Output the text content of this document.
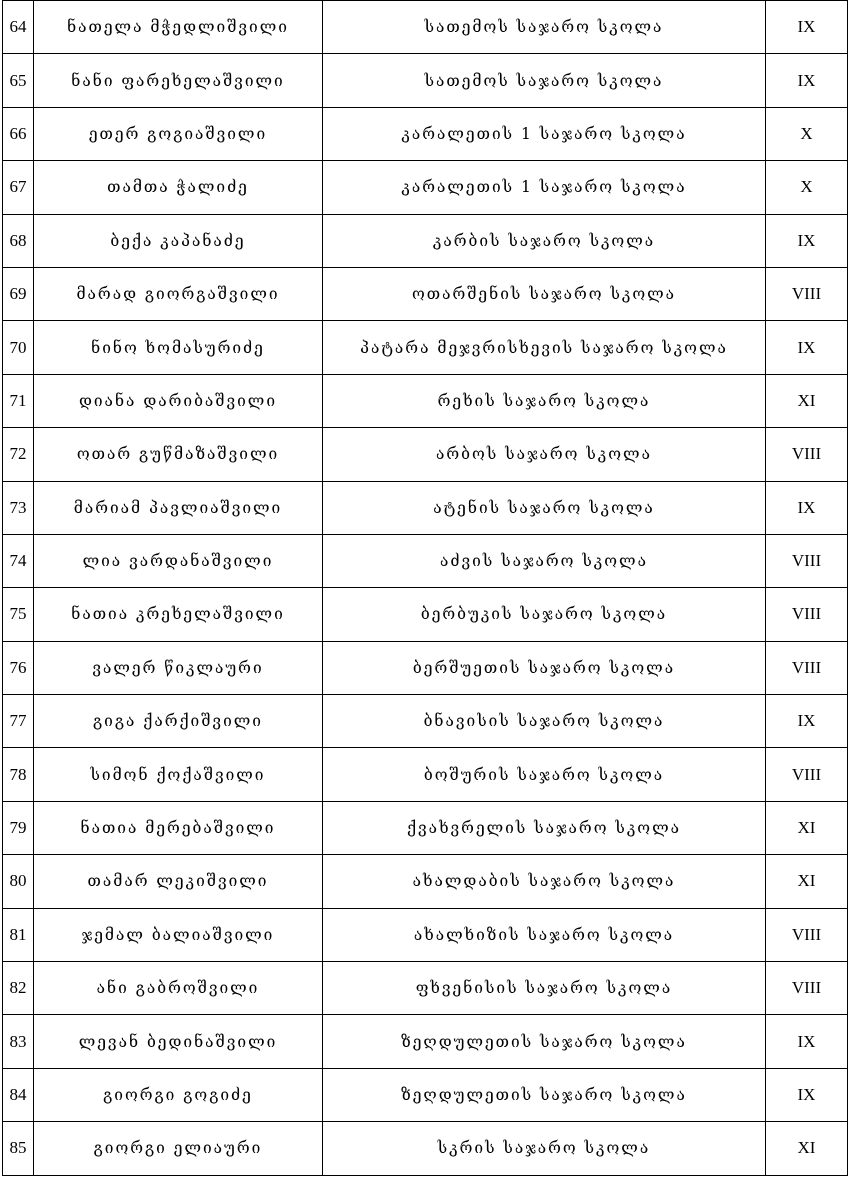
64	ნათელა მჭედლიშვილი	სათემოს საჯარო სკოლა	IX
65	ნანი ფარეხელაშვილი	სათემოს საჯარო სკოლა	IX
66	ეთერ გოგიაშვილი	კარალეთის 1 საჯარო სკოლა	X
67	თამთა ჭალიძე	კარალეთის 1 საჯარო სკოლა	X
68	ბექა კაპანაძე	კარბის საჯარო სკოლა	IX
69	მარად გიორგაშვილი	ოთარშენის საჯარო სკოლა	VIII
70	ნინო ხომასურიძე	პატარა მეჯვრისხევის საჯარო სკოლა	IX
71	დიანა დარიბაშვილი	რეხის საჯარო სკოლა	XI
72	ოთარ გუწმაზაშვილი	არბოს საჯარო სკოლა	VIII
73	მარიამ პავლიაშვილი	ატენის საჯარო სკოლა	IX
74	ლია ვარდანაშვილი	აძვის საჯარო სკოლა	VIII
75	ნათია კრეხელაშვილი	ბერბუკის საჯარო სკოლა	VIII
76	ვალერ წიკლაური	ბერშუეთის საჯარო სკოლა	VIII
77	გიგა ქარქიშვილი	ბნავისის საჯარო სკოლა	IX
78	სიმონ ქოქაშვილი	ბოშურის საჯარო სკოლა	VIII
79	ნათია მერებაშვილი	ქვახვრელის საჯარო სკოლა	XI
80	თამარ ლეკიშვილი	ახალდაბის საჯარო სკოლა	XI
81	ჯემალ ბალიაშვილი	ახალხიზის საჯარო სკოლა	VIII
82	ანი გაბროშვილი	ფხვენისის საჯარო სკოლა	VIII
83	ლევან ბედინაშვილი	ზეღდულეთის საჯარო სკოლა	IX
84	გიორგი გოგიძე	ზეღდულეთის საჯარო სკოლა	IX
85	გიორგი ელიაური	სკრის საჯარო სკოლა	XI
